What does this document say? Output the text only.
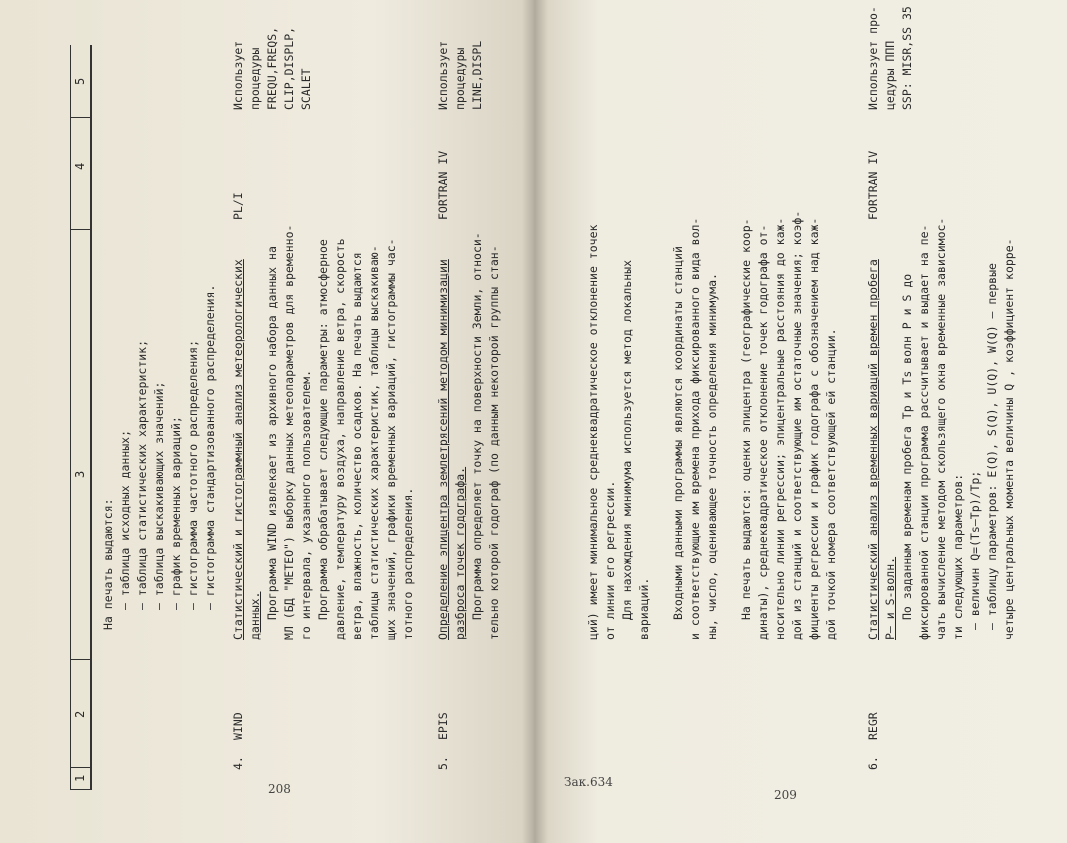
1
2
3
4
5
На печать выдаются: – таблица исходных данных; – таблица статистических характеристик; – таблица выскакивающих значений; – график временных вариаций; – гистограмма частотного распределения; – гистограмма стандартизованного распределения.
4.
WIND
Статистический и гистограммный анализ метеорологических данных. Программа WIND извлекает из архивного набора данных на МЛ (БД "МЕТЕО") выборку данных метеопараметров для временно- го интервала, указанного пользователем. Программа обрабатывает следующие параметры: атмосферное давление, температуру воздуха, направление ветра, скорость ветра, влажность, количество осадков. На печать выдаются таблицы статистических характеристик, таблицы выскакиваю- щих значений, графики временных вариаций, гистограммы час- тотного распределения.
PL/I
Использует процедуры FREQU,FREQS, CLIP,DISPLP, SCALET
5.
EPIS
Определение эпицентра землетрясений методом минимизации разброса точек годографа. Программа определяет точку на поверхности Земли, относи- тельно которой годограф (по данным некоторой группы стан-
FORTRAN IV
Использует процедуры LINE,DISPL
208	Зак.634
209
ций) имеет минимальное среднеквадратическое отклонение точек от линии его регрессии. Для нахождения минимума используется метод локальных вариаций.
Входными данными программы являются координаты станций и соответствующие им времена прихода фиксированного вида вол- ны, число, оценивающее точность определения минимума.
На печать выдаются: оценки эпицентра (географические коор- динаты), среднеквадратическое отклонение точек годографа от- носительно линии регрессии; эпицентральные расстояния до каж- дой из станций и соответствующие им остаточные значения; коэф- фициенты регрессии и график годографа с обозначением над каж- дой точкой номера соответствующей ей станции.
6.
REGR
Статистический анализ временных вариаций времен пробега P– и S-волн. По заданным временам пробега Tp и Ts волн P и S до фиксированной станции программа рассчитывает и выдает на пе- чать вычисление методом скользящего окна временные зависимос- ти следующих параметров: – величин Q=(Ts–Tp)/Tp; – таблицу параметров: E(Q), S(Q), U(Q), W(Q) – первые четыре центральных момента величины Q , коэффициент корре-
FORTRAN IV
Использует про- цедуры ППП SSP: MISR,SS 35
